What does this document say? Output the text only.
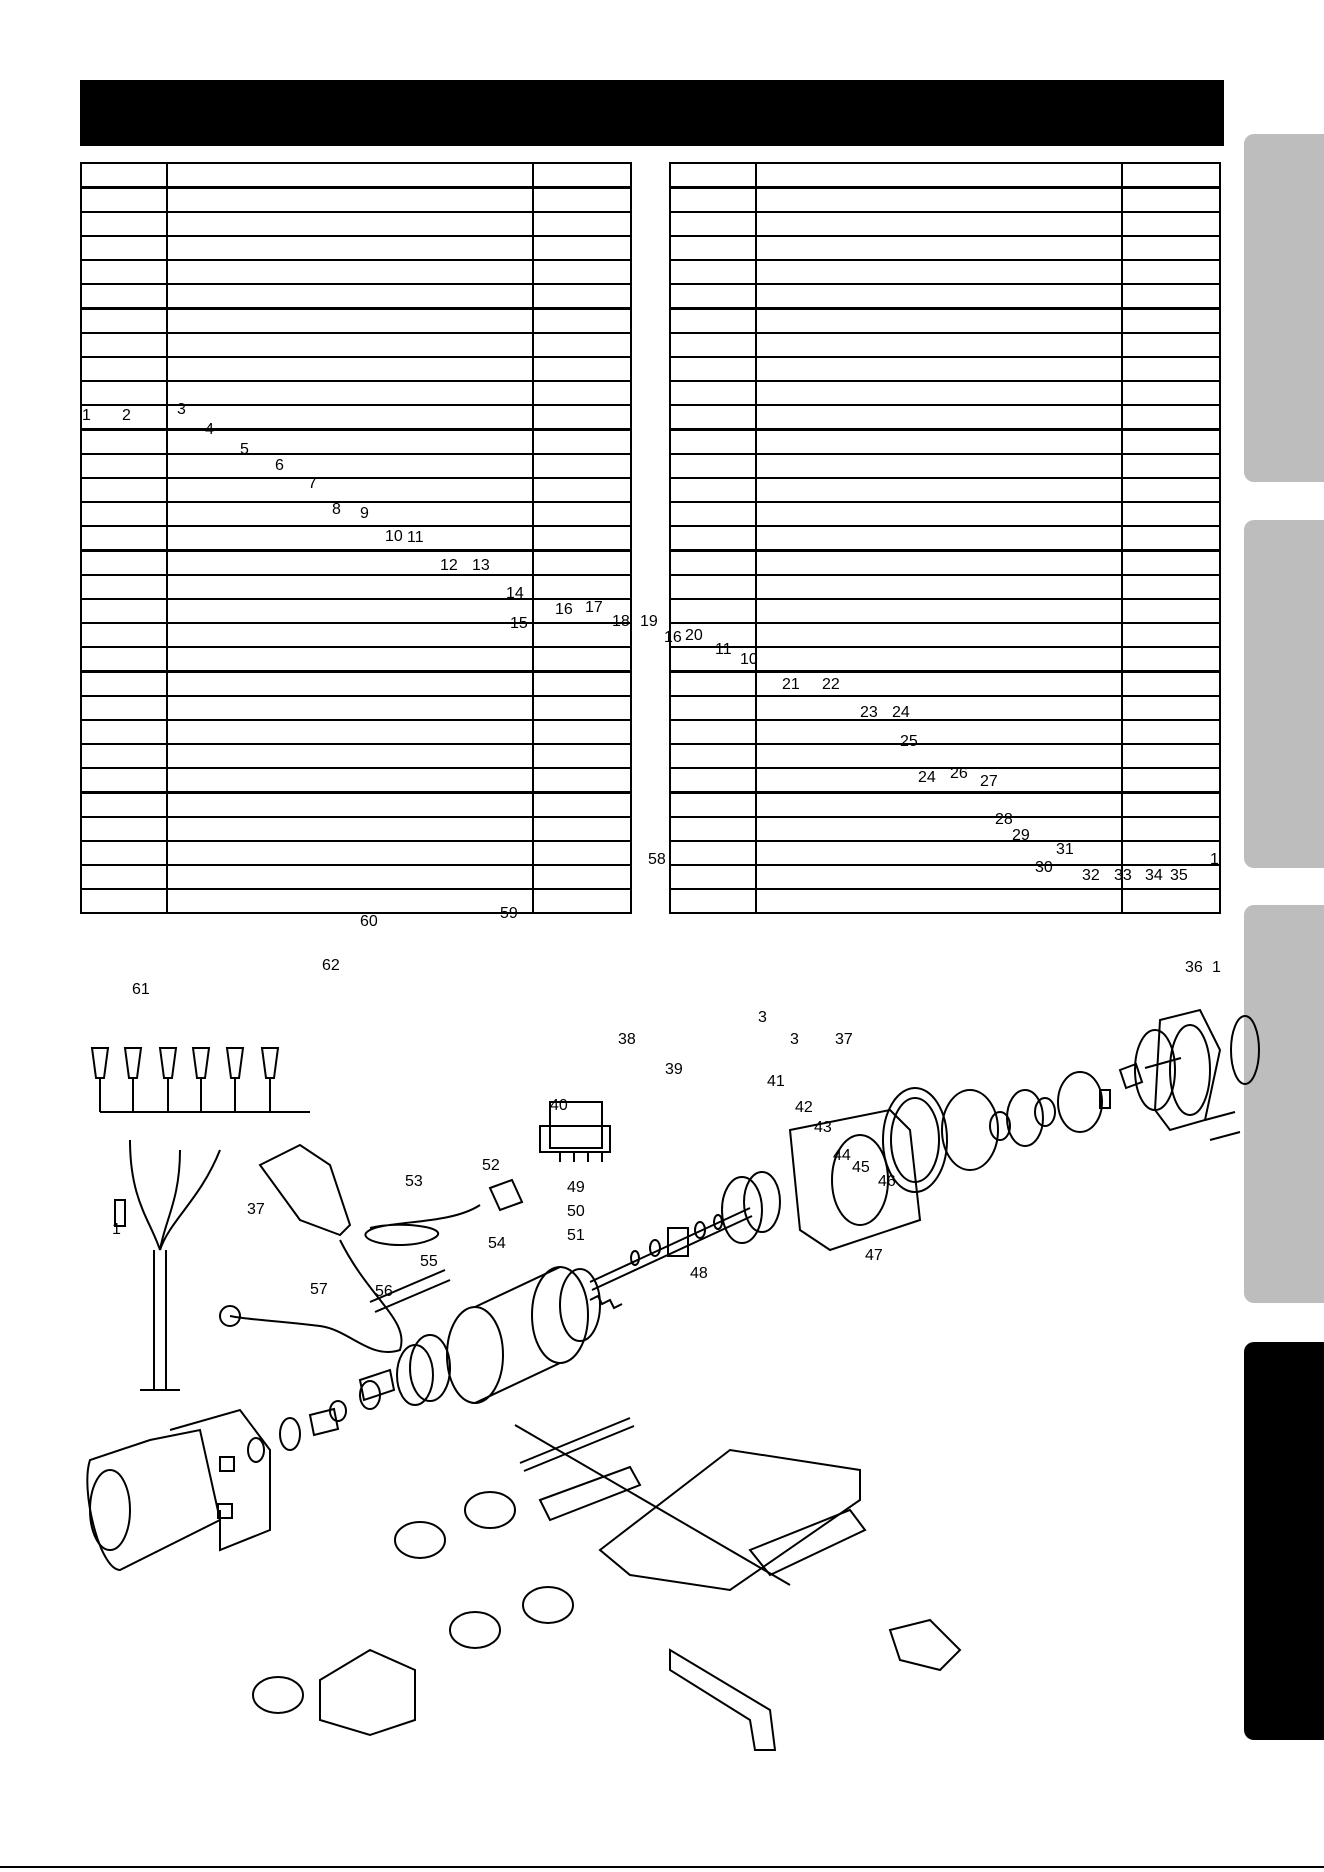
1 2	3
4
5
6
7
8 9
10 11
12 13
14
15
16 17
18 19
16 20
11
10
21 22
23 24
25
24 26 27
28
29
30
31
32 33 34 35
1
36 1
3
3 37
38
39
40
41
42
43
44
45
46
47
48
49
50
51
52
53
54
55
56
57
58
59
60
61
62
1
37
